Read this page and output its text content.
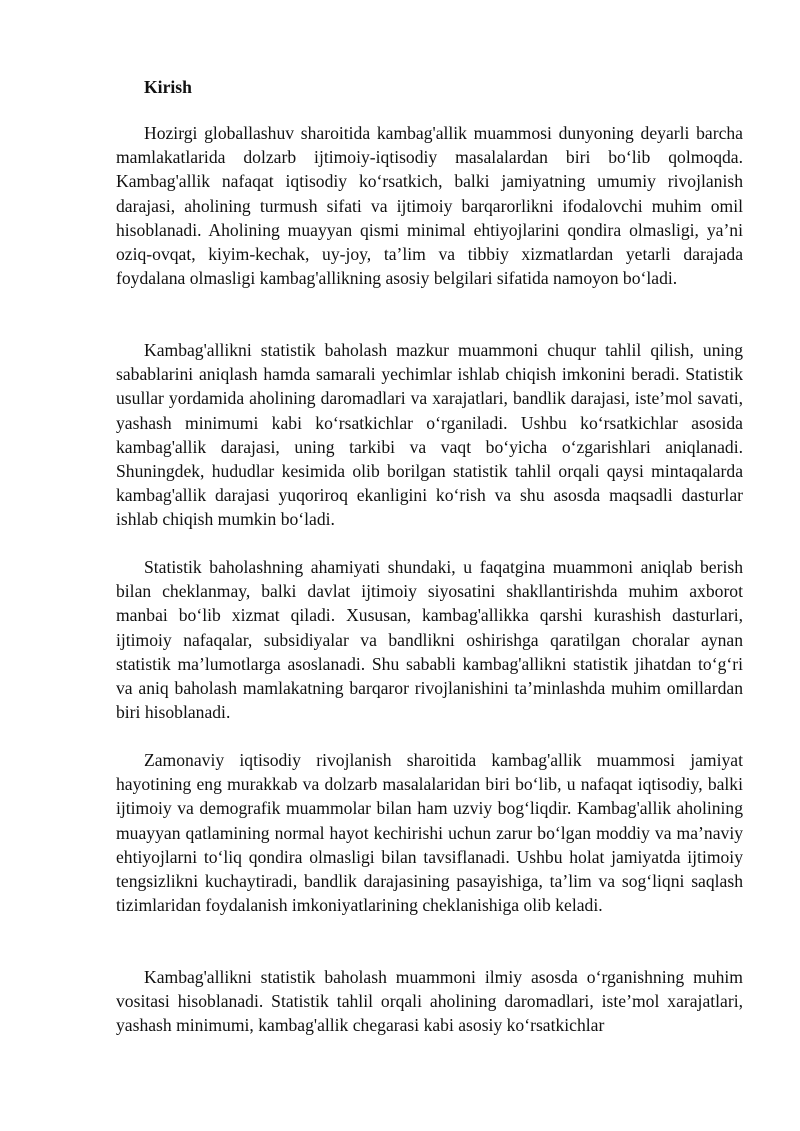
Kirish

Hozirgi globallashuv sharoitida kambag'allik muammosi dunyoning deyarli barcha mamlakatlarida dolzarb ijtimoiy-iqtisodiy masalalardan biri bo‘lib qolmoqda. Kambag'allik nafaqat iqtisodiy ko‘rsatkich, balki jamiyatning umumiy rivojlanish darajasi, aholining turmush sifati va ijtimoiy barqarorlikni ifodalovchi muhim omil hisoblanadi. Aholining muayyan qismi minimal ehtiyojlarini qondira olmasligi, ya’ni oziq-ovqat, kiyim-kechak, uy-joy, ta’lim va tibbiy xizmatlardan yetarli darajada foydalana olmasligi kambag'allikning asosiy belgilari sifatida namoyon bo‘ladi.

Kambag'allikni statistik baholash mazkur muammoni chuqur tahlil qilish, uning sabablarini aniqlash hamda samarali yechimlar ishlab chiqish imkonini beradi. Statistik usullar yordamida aholining daromadlari va xarajatlari, bandlik darajasi, iste’mol savati, yashash minimumi kabi ko‘rsatkichlar o‘rganiladi. Ushbu ko‘rsatkichlar asosida kambag'allik darajasi, uning tarkibi va vaqt bo‘yicha o‘zgarishlari aniqlanadi. Shuningdek, hududlar kesimida olib borilgan statistik tahlil orqali qaysi mintaqalarda kambag'allik darajasi yuqoriroq ekanligini ko‘rish va shu asosda maqsadli dasturlar ishlab chiqish mumkin bo‘ladi.

Statistik baholashning ahamiyati shundaki, u faqatgina muammoni aniqlab berish bilan cheklanmay, balki davlat ijtimoiy siyosatini shakllantirishda muhim axborot manbai bo‘lib xizmat qiladi. Xususan, kambag'allikka qarshi kurashish dasturlari, ijtimoiy nafaqalar, subsidiyalar va bandlikni oshirishga qaratilgan choralar aynan statistik ma’lumotlarga asoslanadi. Shu sababli kambag'allikni statistik jihatdan to‘g‘ri va aniq baholash mamlakatning barqaror rivojlanishini ta’minlashda muhim omillardan biri hisoblanadi.

Zamonaviy iqtisodiy rivojlanish sharoitida kambag'allik muammosi jamiyat hayotining eng murakkab va dolzarb masalalaridan biri bo‘lib, u nafaqat iqtisodiy, balki ijtimoiy va demografik muammolar bilan ham uzviy bog‘liqdir. Kambag'allik aholining muayyan qatlamining normal hayot kechirishi uchun zarur bo‘lgan moddiy va ma’naviy ehtiyojlarni to‘liq qondira olmasligi bilan tavsiflanadi. Ushbu holat jamiyatda ijtimoiy tengsizlikni kuchaytiradi, bandlik darajasining pasayishiga, ta’lim va sog‘liqni saqlash tizimlaridan foydalanish imkoniyatlarining cheklanishiga olib keladi.

Kambag'allikni statistik baholash muammoni ilmiy asosda o‘rganishning muhim vositasi hisoblanadi. Statistik tahlil orqali aholining daromadlari, iste’mol xarajatlari, yashash minimumi, kambag'allik chegarasi kabi asosiy ko‘rsatkichlar
